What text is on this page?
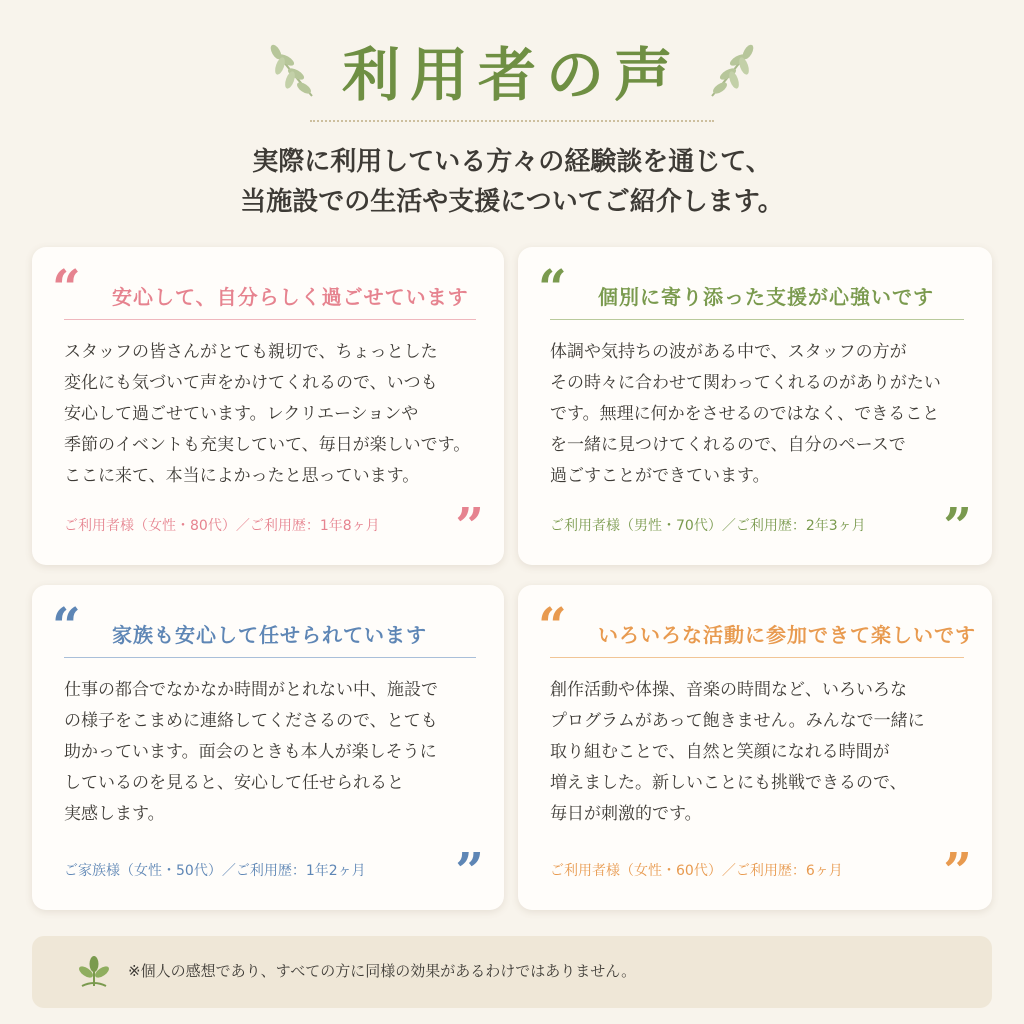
利用者の声
実際に利用している方々の経験談を通じて、
当施設での生活や支援についてご紹介します。
“ 安心して、自分らしく過ごせています
スタッフの皆さんがとても親切で、ちょっとした
変化にも気づいて声をかけてくれるので、いつも
安心して過ごせています。レクリエーションや
季節のイベントも充実していて、毎日が楽しいです。
ここに来て、本当によかったと思っています。
ご利用者様（女性・80代）／ご利用歴：1年8ヶ月 ”
“ 個別に寄り添った支援が心強いです
体調や気持ちの波がある中で、スタッフの方が
その時々に合わせて関わってくれるのがありがたい
です。無理に何かをさせるのではなく、できること
を一緒に見つけてくれるので、自分のペースで
過ごすことができています。
ご利用者様（男性・70代）／ご利用歴：2年3ヶ月 ”
“ 家族も安心して任せられています
仕事の都合でなかなか時間がとれない中、施設で
の様子をこまめに連絡してくださるので、とても
助かっています。面会のときも本人が楽しそうに
しているのを見ると、安心して任せられると
実感します。
ご家族様（女性・50代）／ご利用歴：1年2ヶ月 ”
“ いろいろな活動に参加できて楽しいです
創作活動や体操、音楽の時間など、いろいろな
プログラムがあって飽きません。みんなで一緒に
取り組むことで、自然と笑顔になれる時間が
増えました。新しいことにも挑戦できるので、
毎日が刺激的です。
ご利用者様（女性・60代）／ご利用歴：6ヶ月 ”
※個人の感想であり、すべての方に同様の効果があるわけではありません。
